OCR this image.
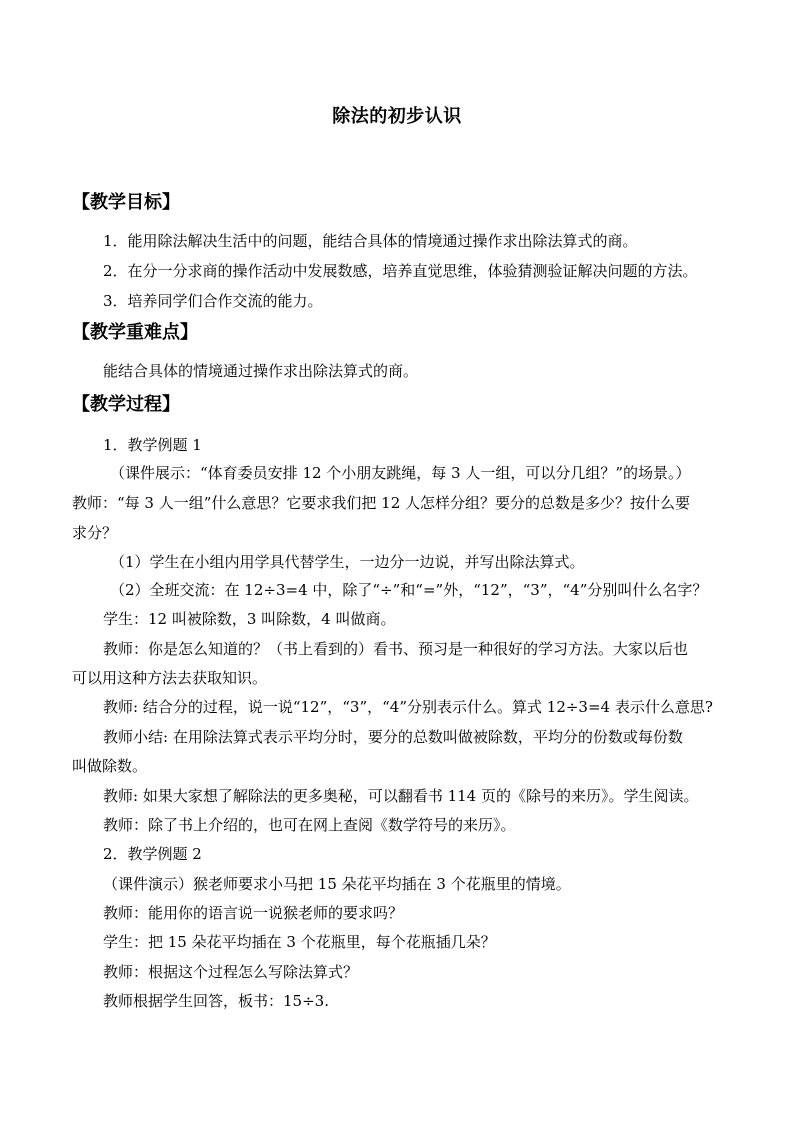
除法的初步认识
【教学目标】
1．能用除法解决生活中的问题，能结合具体的情境通过操作求出除法算式的商。
2．在分一分求商的操作活动中发展数感，培养直觉思维，体验猜测验证解决问题的方法。
3．培养同学们合作交流的能力。
【教学重难点】
能结合具体的情境通过操作求出除法算式的商。
【教学过程】
1．教学例题 1
（课件展示：“体育委员安排 12 个小朋友跳绳，每 3 人一组，可以分几组？”的场景。）
教师：“每 3 人一组”什么意思？它要求我们把 12 人怎样分组？要分的总数是多少？按什么要
求分？
（1）学生在小组内用学具代替学生，一边分一边说，并写出除法算式。
（2）全班交流：在 12÷3=4 中，除了“÷”和“=”外，“12”，“3”，“4”分别叫什么名字？
学生：12 叫被除数，3 叫除数，4 叫做商。
教师：你是怎么知道的？（书上看到的）看书、预习是一种很好的学习方法。大家以后也
可以用这种方法去获取知识。
教师: 结合分的过程，说一说“12”，“3”，“4”分别表示什么。算式 12÷3=4 表示什么意思?
教师小结: 在用除法算式表示平均分时，要分的总数叫做被除数，平均分的份数或每份数
叫做除数。
教师: 如果大家想了解除法的更多奥秘，可以翻看书 114 页的《除号的来历》。学生阅读。
教师：除了书上介绍的，也可在网上查阅《数学符号的来历》。
2．教学例题 2
（课件演示）猴老师要求小马把 15 朵花平均插在 3 个花瓶里的情境。
教师：能用你的语言说一说猴老师的要求吗？
学生：把 15 朵花平均插在 3 个花瓶里，每个花瓶插几朵？
教师：根据这个过程怎么写除法算式？
教师根据学生回答，板书：15÷3.
